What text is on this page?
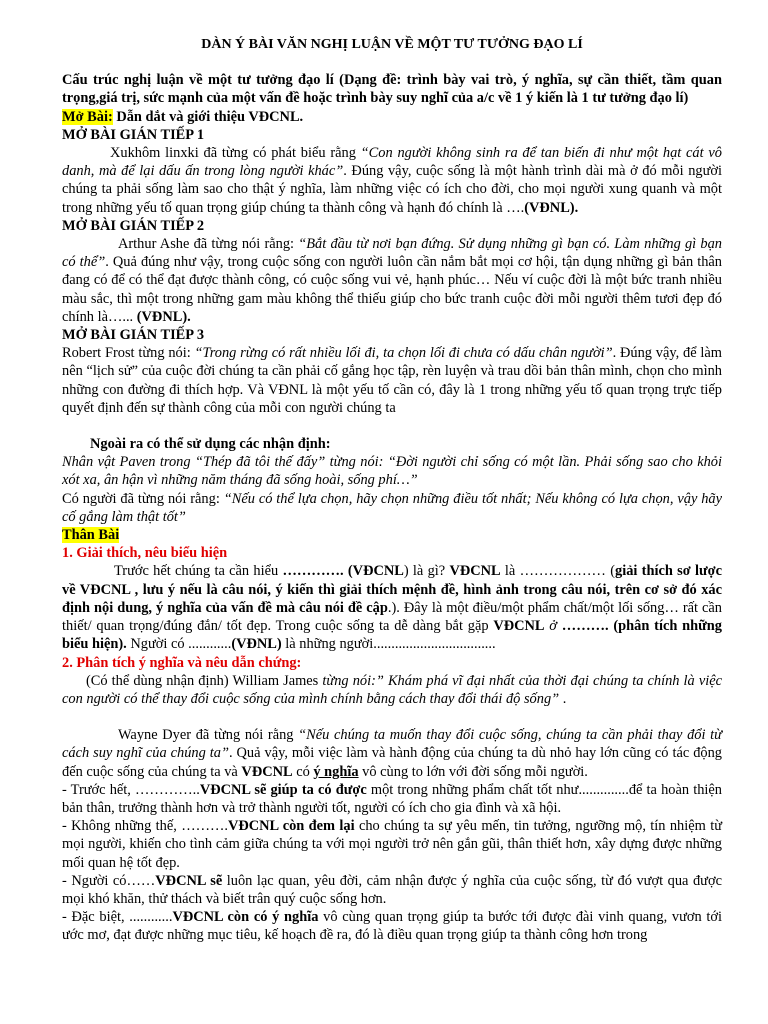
DÀN Ý BÀI VĂN NGHỊ LUẬN VỀ MỘT TƯ TƯỞNG ĐẠO LÍ

Cấu trúc nghị luận về một tư tưởng đạo lí (Dạng đề: trình bày vai trò, ý nghĩa, sự cần thiết, tầm quan trọng,giá trị, sức mạnh của một vấn đề hoặc trình bày suy nghĩ của a/c về 1 ý kiến là 1 tư tưởng đạo lí)

Mở Bài: Dẫn dắt và giới thiệu VĐCNL.

MỞ BÀI GIÁN TIẾP 1

Xukhôm linxki đã từng có phát biểu rằng “Con người không sinh ra để tan biến đi như một hạt cát vô danh, mà để lại dấu ấn trong lòng người khác”. Đúng vậy, cuộc sống là một hành trình dài mà ở đó mỗi người chúng ta phải sống làm sao cho thật ý nghĩa, làm những việc có ích cho đời, cho mọi người xung quanh và một trong những yếu tố quan trọng giúp chúng ta thành công và hạnh đó chính là ….(VĐNL).

MỞ BÀI GIÁN TIẾP 2

Arthur Ashe đã từng nói rằng: “Bắt đầu từ nơi bạn đứng. Sử dụng những gì bạn có. Làm những gì bạn có thể”. Quả đúng như vậy, trong cuộc sống con người luôn cần nắm bắt mọi cơ hội, tận dụng những gì bản thân đang có để có thể đạt được thành công, có cuộc sống vui vẻ, hạnh phúc… Nếu ví cuộc đời là một bức tranh nhiều màu sắc, thì một trong những gam màu không thể thiếu giúp cho bức tranh cuộc đời mỗi người thêm tươi đẹp đó chính là…... (VĐNL).

MỞ BÀI GIÁN TIẾP 3

Robert Frost từng nói: “Trong rừng có rất nhiều lối đi, ta chọn lối đi chưa có dấu chân người”. Đúng vậy, để làm nên “lịch sử” của cuộc đời chúng ta cần phải cố gắng học tập, rèn luyện và trau dồi bản thân mình, chọn cho mình những con đường đi thích hợp. Và VĐNL là một yếu tố cần có, đây là 1 trong những yếu tố quan trọng trực tiếp quyết định đến sự thành công của mỗi con người chúng ta

Ngoài ra có thể sử dụng các nhận định:

Nhân vật Paven trong “Thép đã tôi thế đấy” từng nói: “Đời người chỉ sống có một lần. Phải sống sao cho khỏi xót xa, ân hận vì những năm tháng đã sống hoài, sống phí…”

Có người đã từng nói rằng: “Nếu có thể lựa chọn, hãy chọn những điều tốt nhất; Nếu không có lựa chọn, vậy hãy cố gắng làm thật tốt”

Thân Bài

1. Giải thích, nêu biểu hiện

Trước hết chúng ta cần hiểu …………. (VĐCNL) là gì? VĐCNL là ……………… (giải thích sơ lược về VĐCNL , lưu ý nếu là câu nói, ý kiến thì giải thích mệnh đề, hình ảnh trong câu nói, trên cơ sở đó xác định nội dung, ý nghĩa của vấn đề mà câu nói đề cập.). Đây là một điều/một phẩm chất/một lối sống… rất cần thiết/ quan trọng/đúng đắn/ tốt đẹp. Trong cuộc sống ta dễ dàng bắt gặp VĐCNL ở ………. (phân tích những biểu hiện). Người có ............(VĐNL) là những người..................................

2. Phân tích ý nghĩa và nêu dẫn chứng:

(Có thể dùng nhận định) William James từng nói:” Khám phá vĩ đại nhất của thời đại chúng ta chính là việc con người có thể thay đổi cuộc sống của mình chính bằng cách thay đổi thái độ sống” .

Wayne Dyer đã từng nói rằng “Nếu chúng ta muốn thay đổi cuộc sống, chúng ta cần phải thay đổi từ cách suy nghĩ của chúng ta”. Quả vậy, mỗi việc làm và hành động của chúng ta dù nhỏ hay lớn cũng có tác động đến cuộc sống của chúng ta và VĐCNL có ý nghĩa vô cùng to lớn với đời sống mỗi người.

- Trước hết, …………..VĐCNL sẽ giúp ta có được một trong những phẩm chất tốt như..............để ta hoàn thiện bản thân, trưởng thành hơn và trở thành người tốt, người có ích cho gia đình và xã hội.

- Không những thế, ……….VĐCNL còn đem lại cho chúng ta sự yêu mến, tin tưởng, ngưỡng mộ, tín nhiệm từ mọi người, khiến cho tình cảm giữa chúng ta với mọi người trở nên gắn gũi, thân thiết hơn, xây dựng được những mối quan hệ tốt đẹp.

- Người có……VĐCNL sẽ luôn lạc quan, yêu đời, cảm nhận được ý nghĩa của cuộc sống, từ đó vượt qua được mọi khó khăn, thử thách và biết trân quý cuộc sống hơn.

- Đặc biệt, ............VĐCNL còn có ý nghĩa vô cùng quan trọng giúp ta bước tới được đài vinh quang, vươn tới ước mơ, đạt được những mục tiêu, kế hoạch đề ra, đó là điều quan trọng giúp ta thành công hơn trong
